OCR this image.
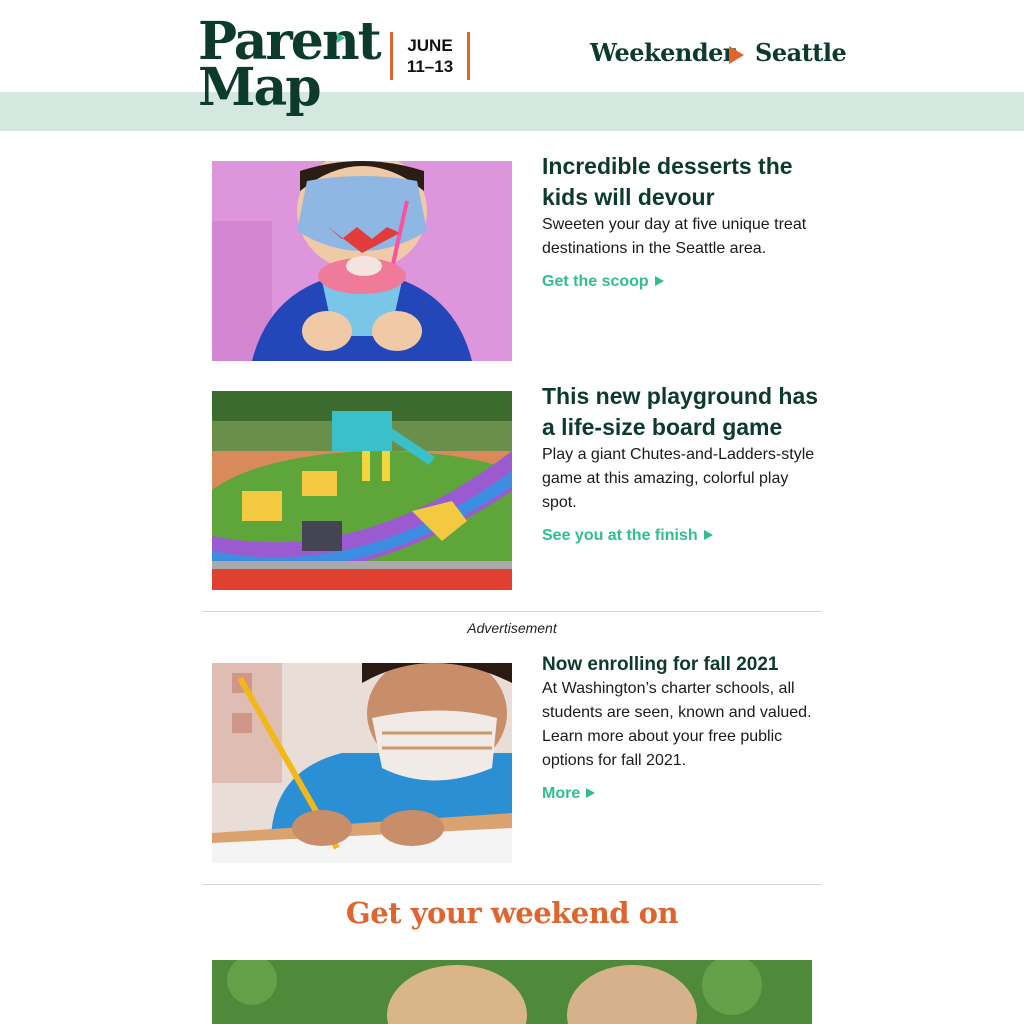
Parent
Map
JUNE
11–13	Weekender Seattle
Incredible desserts the kids will devour
Sweeten your day at five unique treat destinations in the Seattle area.
Get the scoop
This new playground has a life-size board game
Play a giant Chutes-and-Ladders-style game at this amazing, colorful play spot.
See you at the finish
Advertisement
Now enrolling for fall 2021
At Washington’s charter schools, all students are seen, known and valued. Learn more about your free public options for fall 2021.
More
Get your weekend on
